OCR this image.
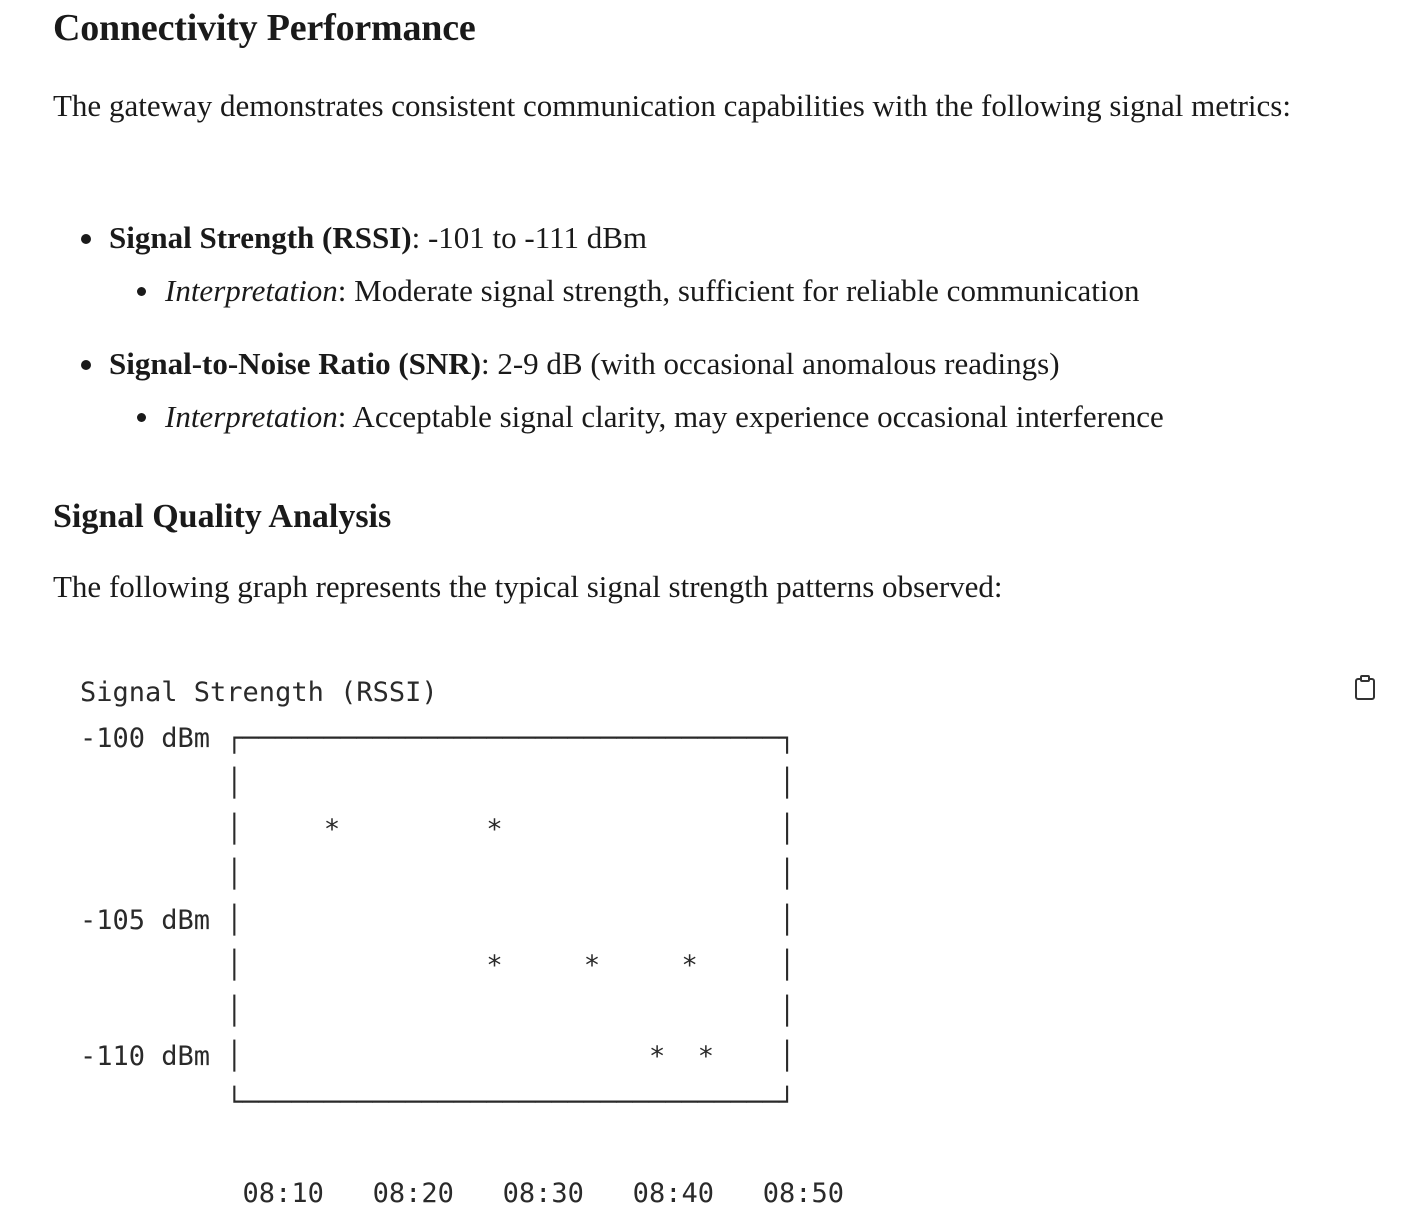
Connectivity Performance

The gateway demonstrates consistent communication capabilities with the following signal metrics:

Signal Strength (RSSI): -101 to -111 dBm
Interpretation: Moderate signal strength, sufficient for reliable communication
Signal-to-Noise Ratio (SNR): 2-9 dB (with occasional anomalous readings)
Interpretation: Acceptable signal clarity, may experience occasional interference
Signal Quality Analysis

The following graph represents the typical signal strength patterns observed:

Signal Strength (RSSI)
-100 dBm ┌─────────────────────────────────┐
│                                 │
│     *         *                 │
│                                 │
-105 dBm │                                 │
│               *     *     *     │
│                                 │
-110 dBm │                         *  *    │
└─────────────────────────────────┘

08:10   08:20   08:30   08:40   08:50
